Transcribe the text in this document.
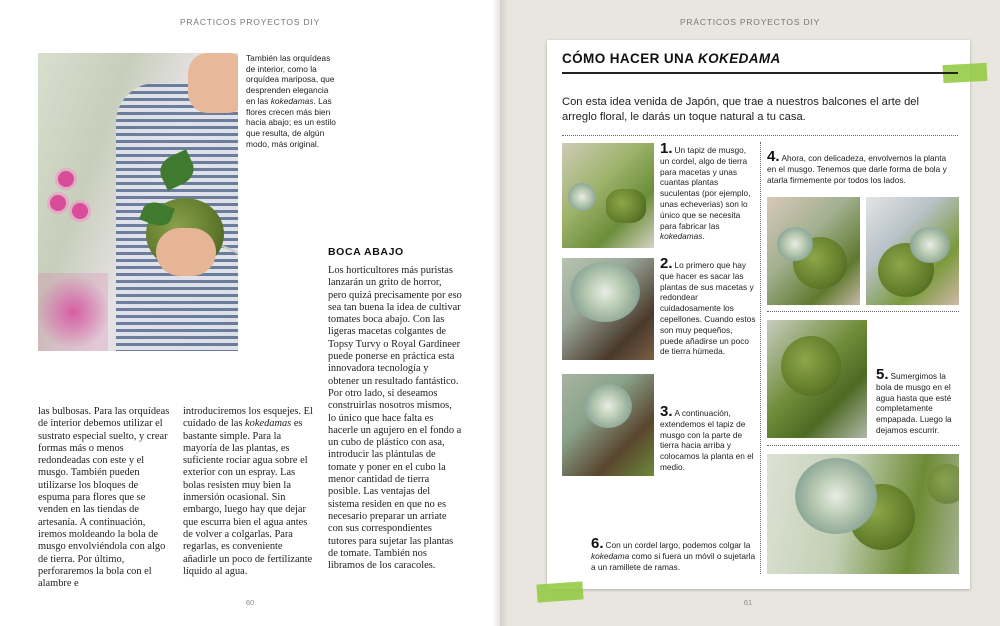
PRÁCTICOS PROYECTOS DIY
También las orquídeas de interior, como la orquídea mariposa, que desprenden elegancia en las kokedamas. Las flores crecen más bien hacia abajo; es un estilo que resulta, de algún modo, más original.
las bulbosas. Para las orquídeas de interior debemos utilizar el sustrato especial suelto, y crear formas más o menos redondeadas con este y el musgo. También pueden utilizarse los bloques de espuma para flores que se venden en las tiendas de artesanía. A continuación, iremos moldeando la bola de musgo envolviéndola con algo de tierra. Por último, perforaremos la bola con el alambre e
introduciremos los esquejes. El cuidado de las kokedamas es bastante simple. Para la mayoría de las plantas, es suficiente rociar agua sobre el exterior con un espray. Las bolas resisten muy bien la inmersión ocasional. Sin embargo, luego hay que dejar que escurra bien el agua antes de volver a colgarlas. Para regarlas, es conveniente añadirle un poco de fertilizante líquido al agua.
BOCA ABAJO
Los horticultores más puristas lanzarán un grito de horror, pero quizá precisamente por eso sea tan buena la idea de cultivar tomates boca abajo. Con las ligeras macetas colgantes de Topsy Turvy o Royal Gardineer puede ponerse en práctica esta innovadora tecnología y obtener un resultado fantástico. Por otro lado, si deseamos construirlas nosotros mismos, lo único que hace falta es hacerle un agujero en el fondo a un cubo de plástico con asa, introducir las plántulas de tomate y poner en el cubo la menor cantidad de tierra posible. Las ventajas del sistema residen en que no es necesario preparar un arriate con sus correspondientes tutores para sujetar las plantas de tomate. También nos libramos de los caracoles.
60
PRÁCTICOS PROYECTOS DIY
CÓMO HACER UNA KOKEDAMA
Con esta idea venida de Japón, que trae a nuestros balcones el arte del arreglo floral, le darás un toque natural a tu casa.
1. Un tapiz de musgo, un cordel, algo de tierra para macetas y unas cuantas plantas suculentas (por ejemplo, unas echeverias) son lo único que se necesita para fabricar las kokedamas.
2. Lo primero que hay que hacer es sacar las plantas de sus macetas y redondear cuidadosamente los cepellones. Cuando estos son muy pequeños, puede añadirse un poco de tierra húmeda.
3. A continuación, extendemos el tapiz de musgo con la parte de tierra hacia arriba y colocamos la planta en el medio.
4. Ahora, con delicadeza, envolvemos la planta en el musgo. Tenemos que darle forma de bola y atarla firmemente por todos los lados.
5. Sumergimos la bola de musgo en el agua hasta que esté completamente empapada. Luego la dejamos escurrir.
6. Con un cordel largo, podemos colgar la kokedama como si fuera un móvil o sujetarla a un ramillete de ramas.
61
